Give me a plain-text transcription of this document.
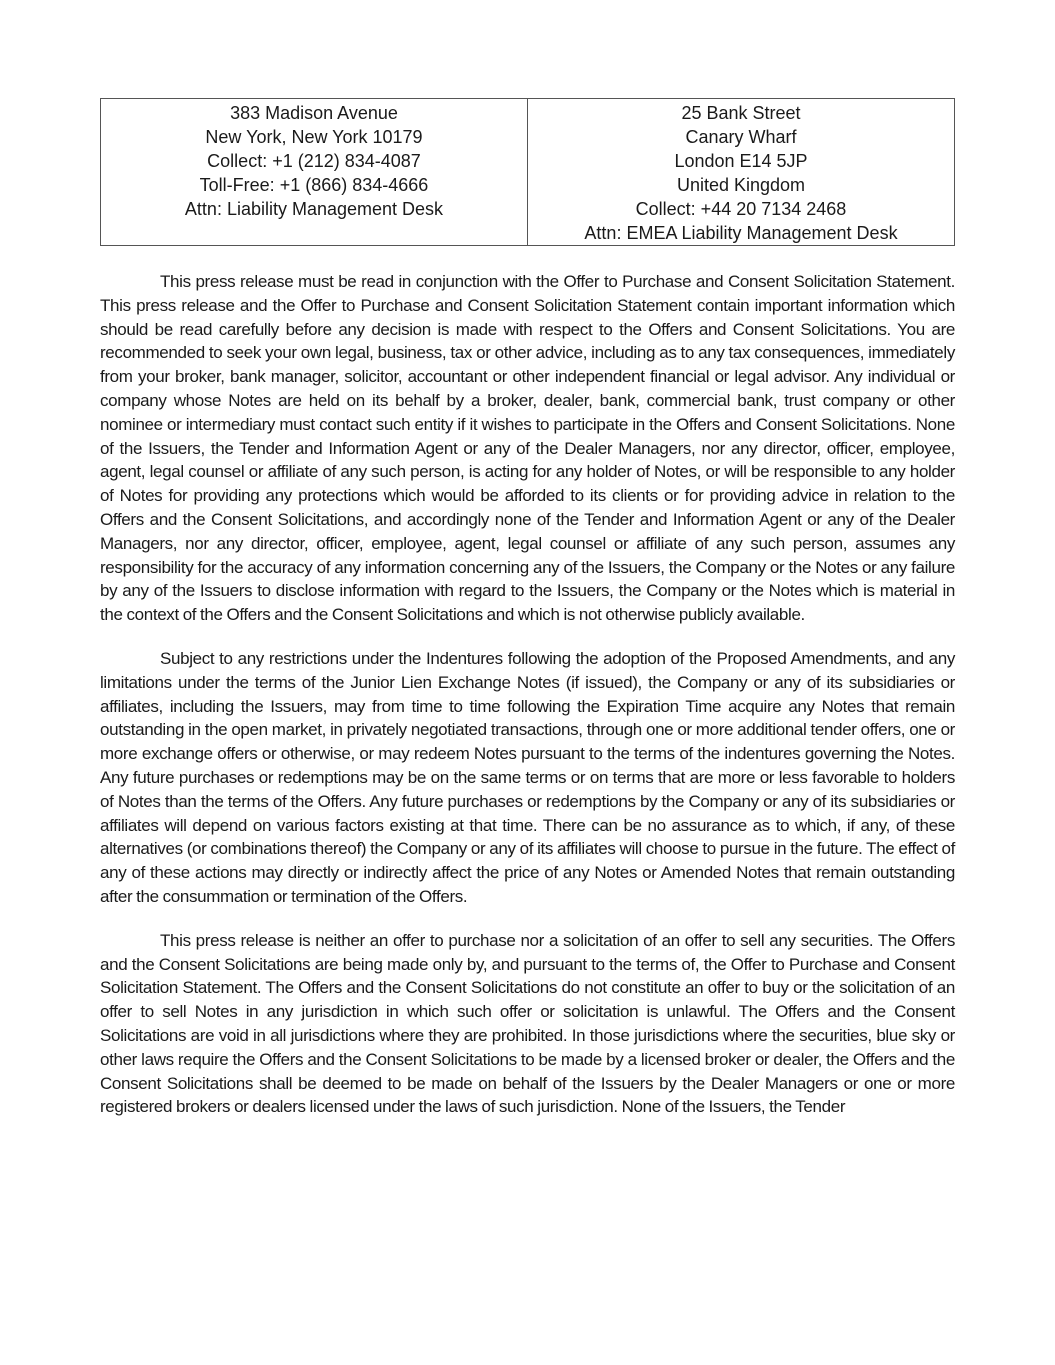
383 Madison Avenue
New York, New York 10179
Collect: +1 (212) 834-4087
Toll-Free: +1 (866) 834-4666
Attn: Liability Management Desk

25 Bank Street
Canary Wharf
London E14 5JP
United Kingdom
Collect: +44 20 7134 2468
Attn: EMEA Liability Management Desk

This press release must be read in conjunction with the Offer to Purchase and Consent Solicitation Statement. This press release and the Offer to Purchase and Consent Solicitation Statement contain important information which should be read carefully before any decision is made with respect to the Offers and Consent Solicitations. You are recommended to seek your own legal, business, tax or other advice, including as to any tax consequences, immediately from your broker, bank manager, solicitor, accountant or other independent financial or legal advisor. Any individual or company whose Notes are held on its behalf by a broker, dealer, bank, commercial bank, trust company or other nominee or intermediary must contact such entity if it wishes to participate in the Offers and Consent Solicitations. None of the Issuers, the Tender and Information Agent or any of the Dealer Managers, nor any director, officer, employee, agent, legal counsel or affiliate of any such person, is acting for any holder of Notes, or will be responsible to any holder of Notes for providing any protections which would be afforded to its clients or for providing advice in relation to the Offers and the Consent Solicitations, and accordingly none of the Tender and Information Agent or any of the Dealer Managers, nor any director, officer, employee, agent, legal counsel or affiliate of any such person, assumes any responsibility for the accuracy of any information concerning any of the Issuers, the Company or the Notes or any failure by any of the Issuers to disclose information with regard to the Issuers, the Company or the Notes which is material in the context of the Offers and the Consent Solicitations and which is not otherwise publicly available.

Subject to any restrictions under the Indentures following the adoption of the Proposed Amendments, and any limitations under the terms of the Junior Lien Exchange Notes (if issued), the Company or any of its subsidiaries or affiliates, including the Issuers, may from time to time following the Expiration Time acquire any Notes that remain outstanding in the open market, in privately negotiated transactions, through one or more additional tender offers, one or more exchange offers or otherwise, or may redeem Notes pursuant to the terms of the indentures governing the Notes. Any future purchases or redemptions may be on the same terms or on terms that are more or less favorable to holders of Notes than the terms of the Offers. Any future purchases or redemptions by the Company or any of its subsidiaries or affiliates will depend on various factors existing at that time. There can be no assurance as to which, if any, of these alternatives (or combinations thereof) the Company or any of its affiliates will choose to pursue in the future. The effect of any of these actions may directly or indirectly affect the price of any Notes or Amended Notes that remain outstanding after the consummation or termination of the Offers.

This press release is neither an offer to purchase nor a solicitation of an offer to sell any securities. The Offers and the Consent Solicitations are being made only by, and pursuant to the terms of, the Offer to Purchase and Consent Solicitation Statement. The Offers and the Consent Solicitations do not constitute an offer to buy or the solicitation of an offer to sell Notes in any jurisdiction in which such offer or solicitation is unlawful. The Offers and the Consent Solicitations are void in all jurisdictions where they are prohibited. In those jurisdictions where the securities, blue sky or other laws require the Offers and the Consent Solicitations to be made by a licensed broker or dealer, the Offers and the Consent Solicitations shall be deemed to be made on behalf of the Issuers by the Dealer Managers or one or more registered brokers or dealers licensed under the laws of such jurisdiction. None of the Issuers, the Tender
